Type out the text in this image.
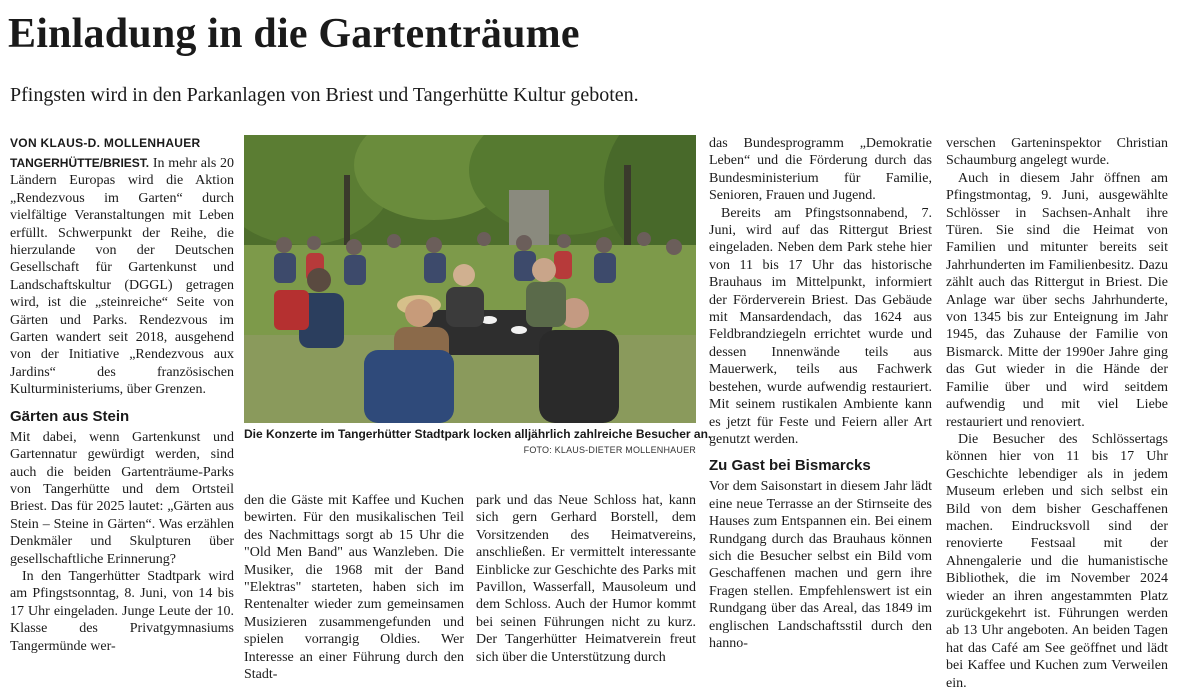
Einladung in die Gartenträume

Pfingsten wird in den Parkanlagen von Briest und Tangerhütte Kultur geboten.

VON KLAUS-D. MOLLENHAUER

TANGERHÜTTE/BRIEST. In mehr als 20 Ländern Europas wird die Aktion „Rendezvous im Garten“ durch vielfältige Veranstaltungen mit Leben erfüllt. Schwerpunkt der Reihe, die hierzulande von der Deutschen Gesellschaft für Gartenkunst und Landschaftskultur (DGGL) getragen wird, ist die „steinreiche“ Seite von Gärten und Parks. Rendezvous im Garten wandert seit 2018, ausgehend von der Initiative „Rendezvous aux Jardins“ des französischen Kulturministeriums, über Grenzen.

Gärten aus Stein

Mit dabei, wenn Gartenkunst und Gartennatur gewürdigt werden, sind auch die beiden Gartenträume-Parks von Tangerhütte und dem Ortsteil Briest. Das für 2025 lautet: „Gärten aus Stein – Steine in Gärten“. Was erzählen Denkmäler und Skulpturen über gesellschaftliche Erinnerung?

In den Tangerhütter Stadtpark wird am Pfingstsonntag, 8. Juni, von 14 bis 17 Uhr eingeladen. Junge Leute der 10. Klasse des Privatgymnasiums Tangermünde wer-

Die Konzerte im Tangerhütter Stadtpark locken alljährlich zahlreiche Besucher an.
FOTO: KLAUS-DIETER MOLLENHAUER

den die Gäste mit Kaffee und Kuchen bewirten. Für den musikalischen Teil des Nachmittags sorgt ab 15 Uhr die "Old Men Band" aus Wanzleben. Die Musiker, die 1968 mit der Band "Elektras" starteten, haben sich im Rentenalter wieder zum gemeinsamen Musizieren zusammengefunden und spielen vorrangig Oldies. Wer Interesse an einer Führung durch den Stadt-

park und das Neue Schloss hat, kann sich gern Gerhard Borstell, dem Vorsitzenden des Heimatvereins, anschließen. Er vermittelt interessante Einblicke zur Geschichte des Parks mit Pavillon, Wasserfall, Mausoleum und dem Schloss. Auch der Humor kommt bei seinen Führungen nicht zu kurz. Der Tangerhütter Heimatverein freut sich über die Unterstützung durch

das Bundesprogramm „Demokratie Leben“ und die Förderung durch das Bundesministerium für Familie, Senioren, Frauen und Jugend.

Bereits am Pfingstsonnabend, 7. Juni, wird auf das Rittergut Briest eingeladen. Neben dem Park stehe hier von 11 bis 17 Uhr das historische Brauhaus im Mittelpunkt, informiert der Förderverein Briest. Das Gebäude mit Mansardendach, das 1624 aus Feldbrandziegeln errichtet wurde und dessen Innenwände teils aus Mauerwerk, teils aus Fachwerk bestehen, wurde aufwendig restauriert. Mit seinem rustikalen Ambiente kann es jetzt für Feste und Feiern aller Art genutzt werden.

Zu Gast bei Bismarcks

Vor dem Saisonstart in diesem Jahr lädt eine neue Terrasse an der Stirnseite des Hauses zum Entspannen ein. Bei einem Rundgang durch das Brauhaus können sich die Besucher selbst ein Bild vom Geschaffenen machen und gern ihre Fragen stellen. Empfehlenswert ist ein Rundgang über das Areal, das 1849 im englischen Landschaftsstil durch den hanno-

verschen Garteninspektor Christian Schaumburg angelegt wurde.

Auch in diesem Jahr öffnen am Pfingstmontag, 9. Juni, ausgewählte Schlösser in Sachsen-Anhalt ihre Türen. Sie sind die Heimat von Familien und mitunter bereits seit Jahrhunderten im Familienbesitz. Dazu zählt auch das Rittergut in Briest. Die Anlage war über sechs Jahrhunderte, von 1345 bis zur Enteignung im Jahr 1945, das Zuhause der Familie von Bismarck. Mitte der 1990er Jahre ging das Gut wieder in die Hände der Familie über und wird seitdem aufwendig und mit viel Liebe restauriert und renoviert.

Die Besucher des Schlössertags können hier von 11 bis 17 Uhr Geschichte lebendiger als in jedem Museum erleben und sich selbst ein Bild von dem bisher Geschaffenen machen. Eindrucksvoll sind der renovierte Festsaal mit der Ahnengalerie und die humanistische Bibliothek, die im November 2024 wieder an ihren angestammten Platz zurückgekehrt ist. Führungen werden ab 13 Uhr angeboten. An beiden Tagen hat das Café am See geöffnet und lädt bei Kaffee und Kuchen zum Verweilen ein.
